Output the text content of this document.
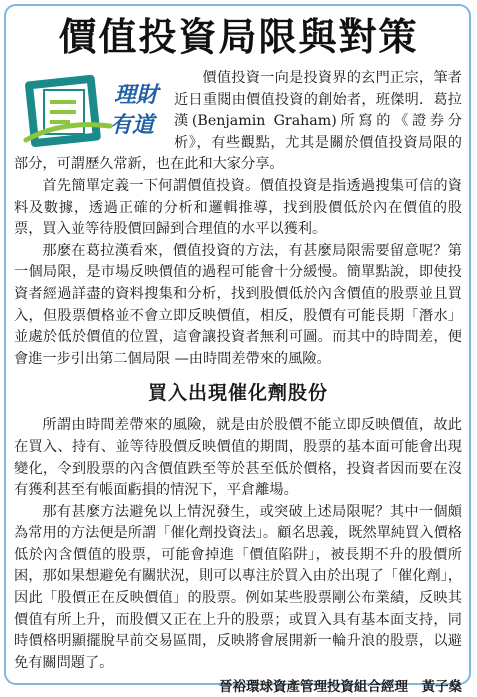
價值投資局限與對策
理財
有道

價值投資一向是投資界的玄門正宗，筆者近日重閱由價值投資的創始者，班傑明．葛拉漢(Benjamin Graham)所寫的《證券分析》，有些觀點，尤其是關於價值投資局限的部分，可謂歷久常新，也在此和大家分享。

首先簡單定義一下何謂價值投資。價值投資是指透過搜集可信的資料及數據，透過正確的分析和邏輯推導，找到股價低於內在價值的股票，買入並等待股價回歸到合理值的水平以獲利。

那麼在葛拉漢看來，價值投資的方法，有甚麼局限需要留意呢？第一個局限，是市場反映價值的過程可能會十分緩慢。簡單點說，即使投資者經過詳盡的資料搜集和分析，找到股價低於內含價值的股票並且買入，但股票價格並不會立即反映價值，相反，股價有可能長期「潛水」並處於低於價值的位置，這會讓投資者無利可圖。而其中的時間差，便會進一步引出第二個局限 —由時間差帶來的風險。

買入出現催化劑股份

所謂由時間差帶來的風險，就是由於股價不能立即反映價值，故此在買入、持有、並等待股價反映價值的期間，股票的基本面可能會出現變化，令到股票的內含價值跌至等於甚至低於價格，投資者因而要在沒有獲利甚至有帳面虧損的情況下，平倉離場。

那有甚麼方法避免以上情況發生，或突破上述局限呢？其中一個頗為常用的方法便是所謂「催化劑投資法」。顧名思義，既然單純買入價格低於內含價值的股票，可能會掉進「價值陷阱」，被長期不升的股價所困，那如果想避免有關狀況，則可以專注於買入由於出現了「催化劑」，因此「股價正在反映價值」的股票。例如某些股票剛公布業績，反映其價值有所上升，而股價又正在上升的股票；或買入具有基本面支持，同時價格明顯擺脫早前交易區間，反映將會展開新一輪升浪的股票，以避免有關問題了。

晉裕環球資產管理投資組合經理　黃子燊
